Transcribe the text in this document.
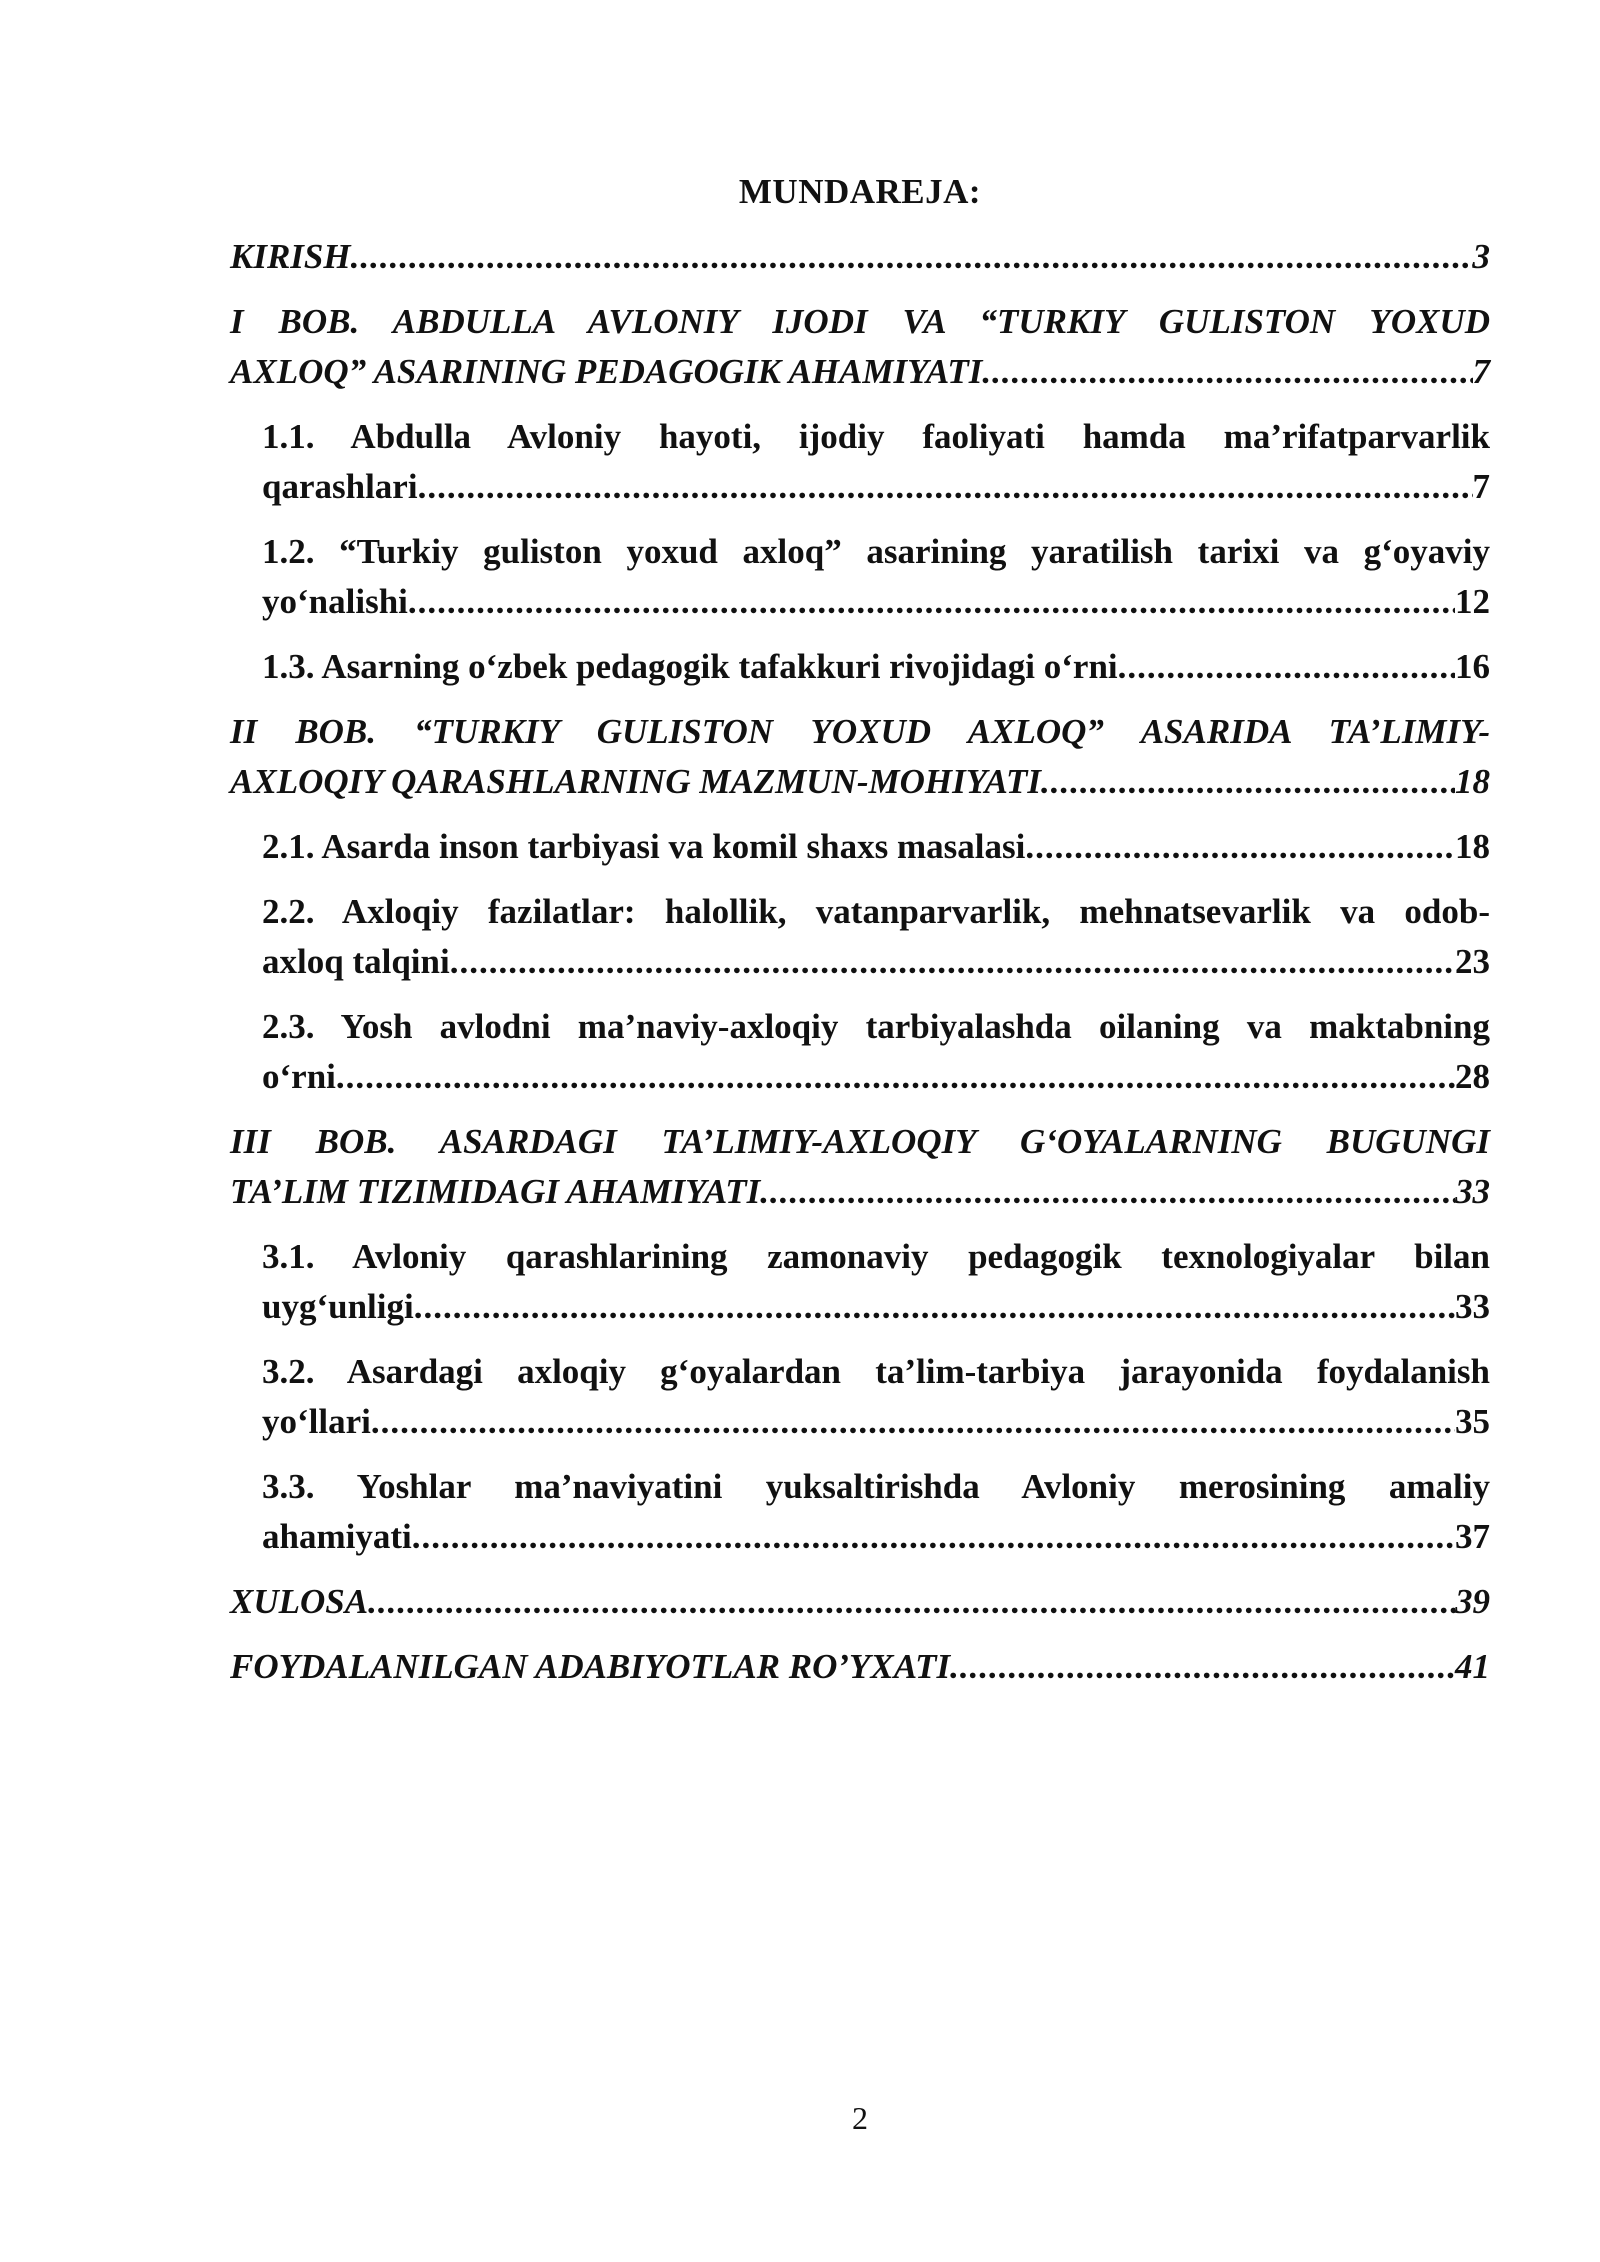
MUNDAREJA:
KIRISH .....	3
I BOB. ABDULLA AVLONIY IJODI VA “TURKIY GULISTON YOXUD
AXLOQ” ASARINING PEDAGOGIK AHAMIYATI .....	7
1.1. Abdulla Avloniy hayoti, ijodiy faoliyati hamda ma’rifatparvarlik
qarashlari .....	7
1.2. “Turkiy guliston yoxud axloq” asarining yaratilish tarixi va g‘oyaviy
yo‘nalishi .....	12
1.3. Asarning o‘zbek pedagogik tafakkuri rivojidagi o‘rni .....	16
II BOB. “TURKIY GULISTON YOXUD AXLOQ” ASARIDA TA’LIMIY-
AXLOQIY QARASHLARNING MAZMUN-MOHIYATI .....	18
2.1. Asarda inson tarbiyasi va komil shaxs masalasi .....	18
2.2. Axloqiy fazilatlar: halollik, vatanparvarlik, mehnatsevarlik va odob-
axloq talqini .....	23
2.3. Yosh avlodni ma’naviy-axloqiy tarbiyalashda oilaning va maktabning
o‘rni .....	28
III BOB. ASARDAGI TA’LIMIY-AXLOQIY G‘OYALARNING BUGUNGI
TA’LIM TIZIMIDAGI AHAMIYATI .....	33
3.1. Avloniy qarashlarining zamonaviy pedagogik texnologiyalar bilan
uyg‘unligi .....	33
3.2. Asardagi axloqiy g‘oyalardan ta’lim-tarbiya jarayonida foydalanish
yo‘llari .....	35
3.3. Yoshlar ma’naviyatini yuksaltirishda Avloniy merosining amaliy
ahamiyati .....	37
XULOSA .....	39
FOYDALANILGAN ADABIYOTLAR RO’YXATI .....	41
2
